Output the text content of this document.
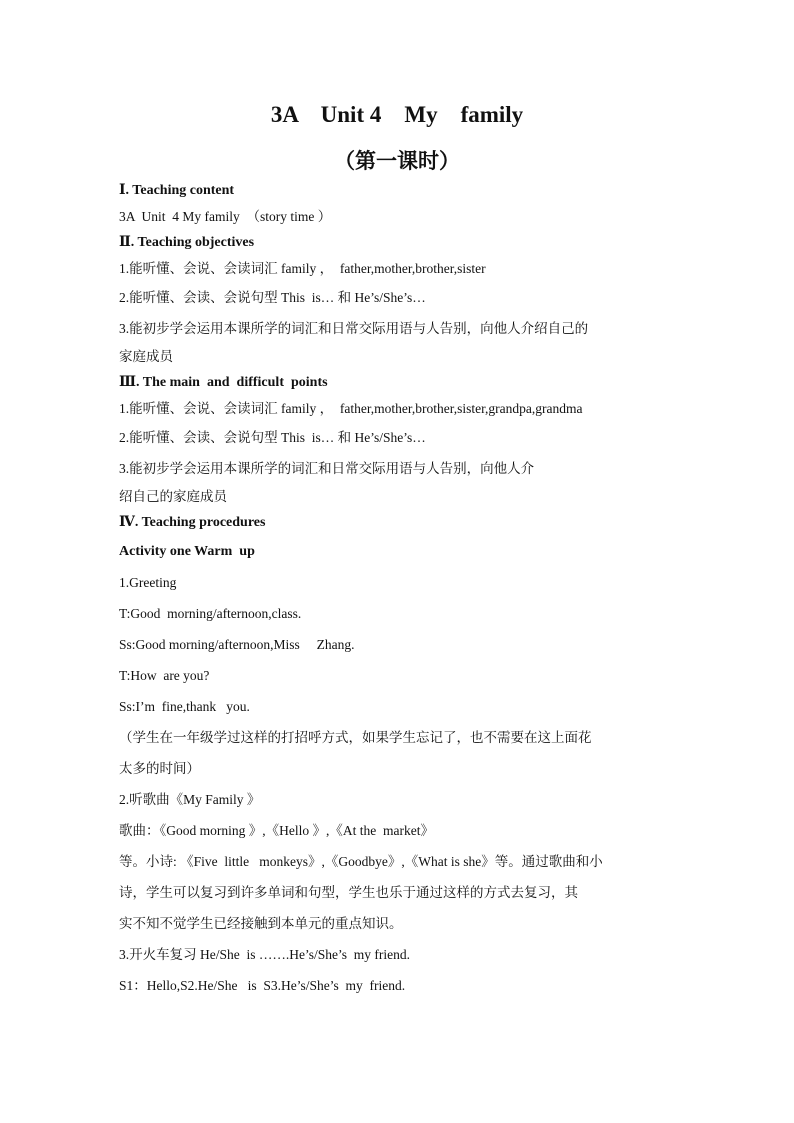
3A    Unit 4    My    family
（第一课时）
Ⅰ. Teaching content
3A  Unit  4 My family  （story time ）
Ⅱ. Teaching objectives
1.能听懂、会说、会读词汇 family ，  father,mother,brother,sister
2.能听懂、会读、会说句型 This  is… 和 He’s/She’s…
3.能初步学会运用本课所学的词汇和日常交际用语与人告别，向他人介绍自己的
家庭成员
Ⅲ. The main  and  difficult  points
1.能听懂、会说、会读词汇 family ，  father,mother,brother,sister,grandpa,grandma
2.能听懂、会读、会说句型 This  is… 和 He’s/She’s…
3.能初步学会运用本课所学的词汇和日常交际用语与人告别，向他人介
绍自己的家庭成员
Ⅳ. Teaching procedures
Activity one Warm  up
1.Greeting
T:Good  morning/afternoon,class.
Ss:Good morning/afternoon,Miss     Zhang.
T:How  are you?
Ss:I’m  fine,thank   you.
（学生在一年级学过这样的打招呼方式，如果学生忘记了，也不需要在这上面花
太多的时间）
2.听歌曲《My Family 》
歌曲：《Good morning 》,《Hello 》,《At the  market》
等。小诗: 《Five  little   monkeys》,《Goodbye》,《What is she》等。通过歌曲和小
诗，学生可以复习到许多单词和句型，学生也乐于通过这样的方式去复习，其
实不知不觉学生已经接触到本单元的重点知识。
3.开火车复习 He/She  is …….He’s/She’s  my friend.
S1：Hello,S2.He/She   is  S3.He’s/She’s  my  friend.
